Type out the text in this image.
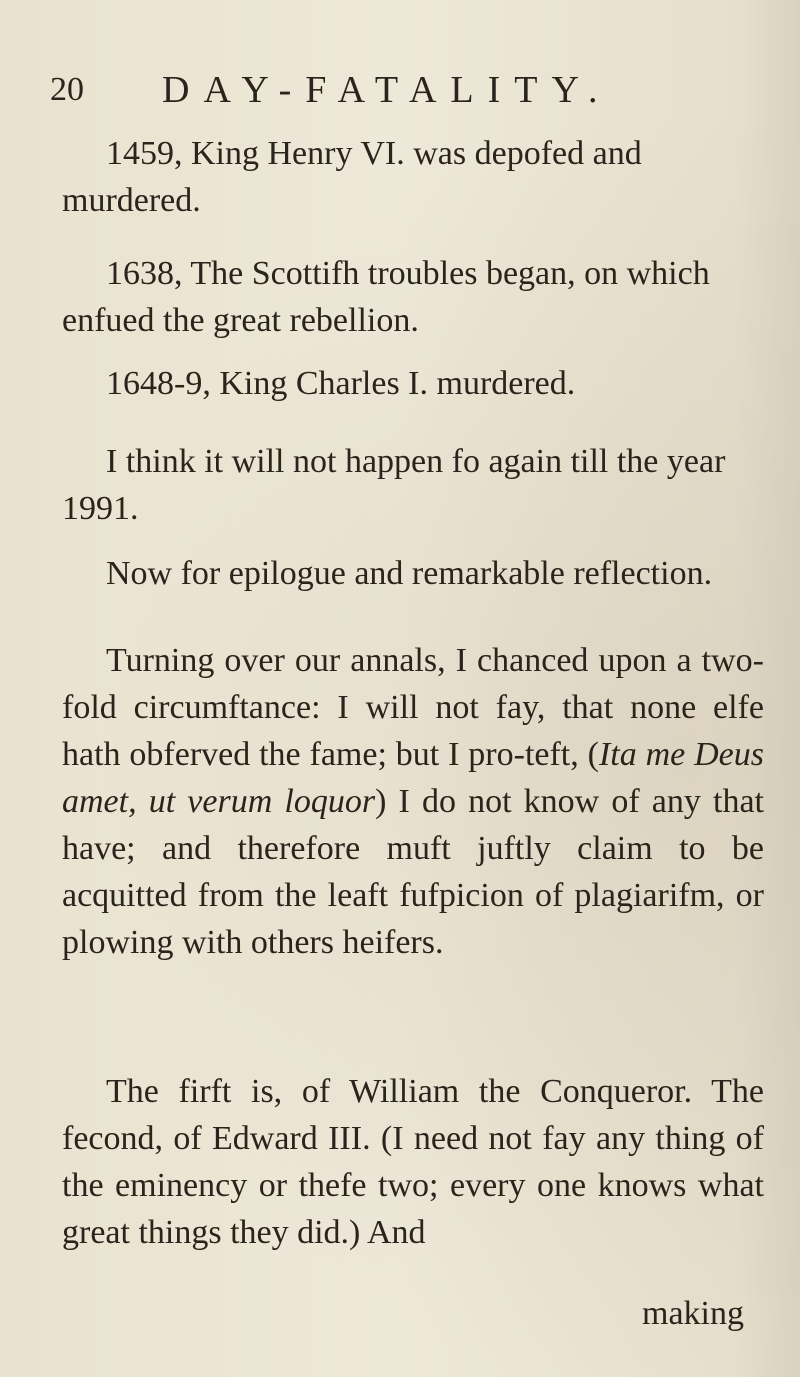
20 DAY-FATALITY.

1459, King Henry VI. was depofed and murdered.

1638, The Scottifh troubles began, on which enfued the great rebellion.

1648-9, King Charles I. murdered.

I think it will not happen fo again till the year 1991.

Now for epilogue and remarkable reflection.

Turning over our annals, I chanced upon a two-fold circumftance: I will not fay, that none elfe hath obferved the fame; but I pro-teft, (Ita me Deus amet, ut verum loquor) I do not know of any that have; and therefore muft juftly claim to be acquitted from the leaft fufpicion of plagiarifm, or plowing with others heifers.

The firft is, of William the Conqueror. The fecond, of Edward III. (I need not fay any thing of the eminency or thefe two; every one knows what great things they did.) And

making
